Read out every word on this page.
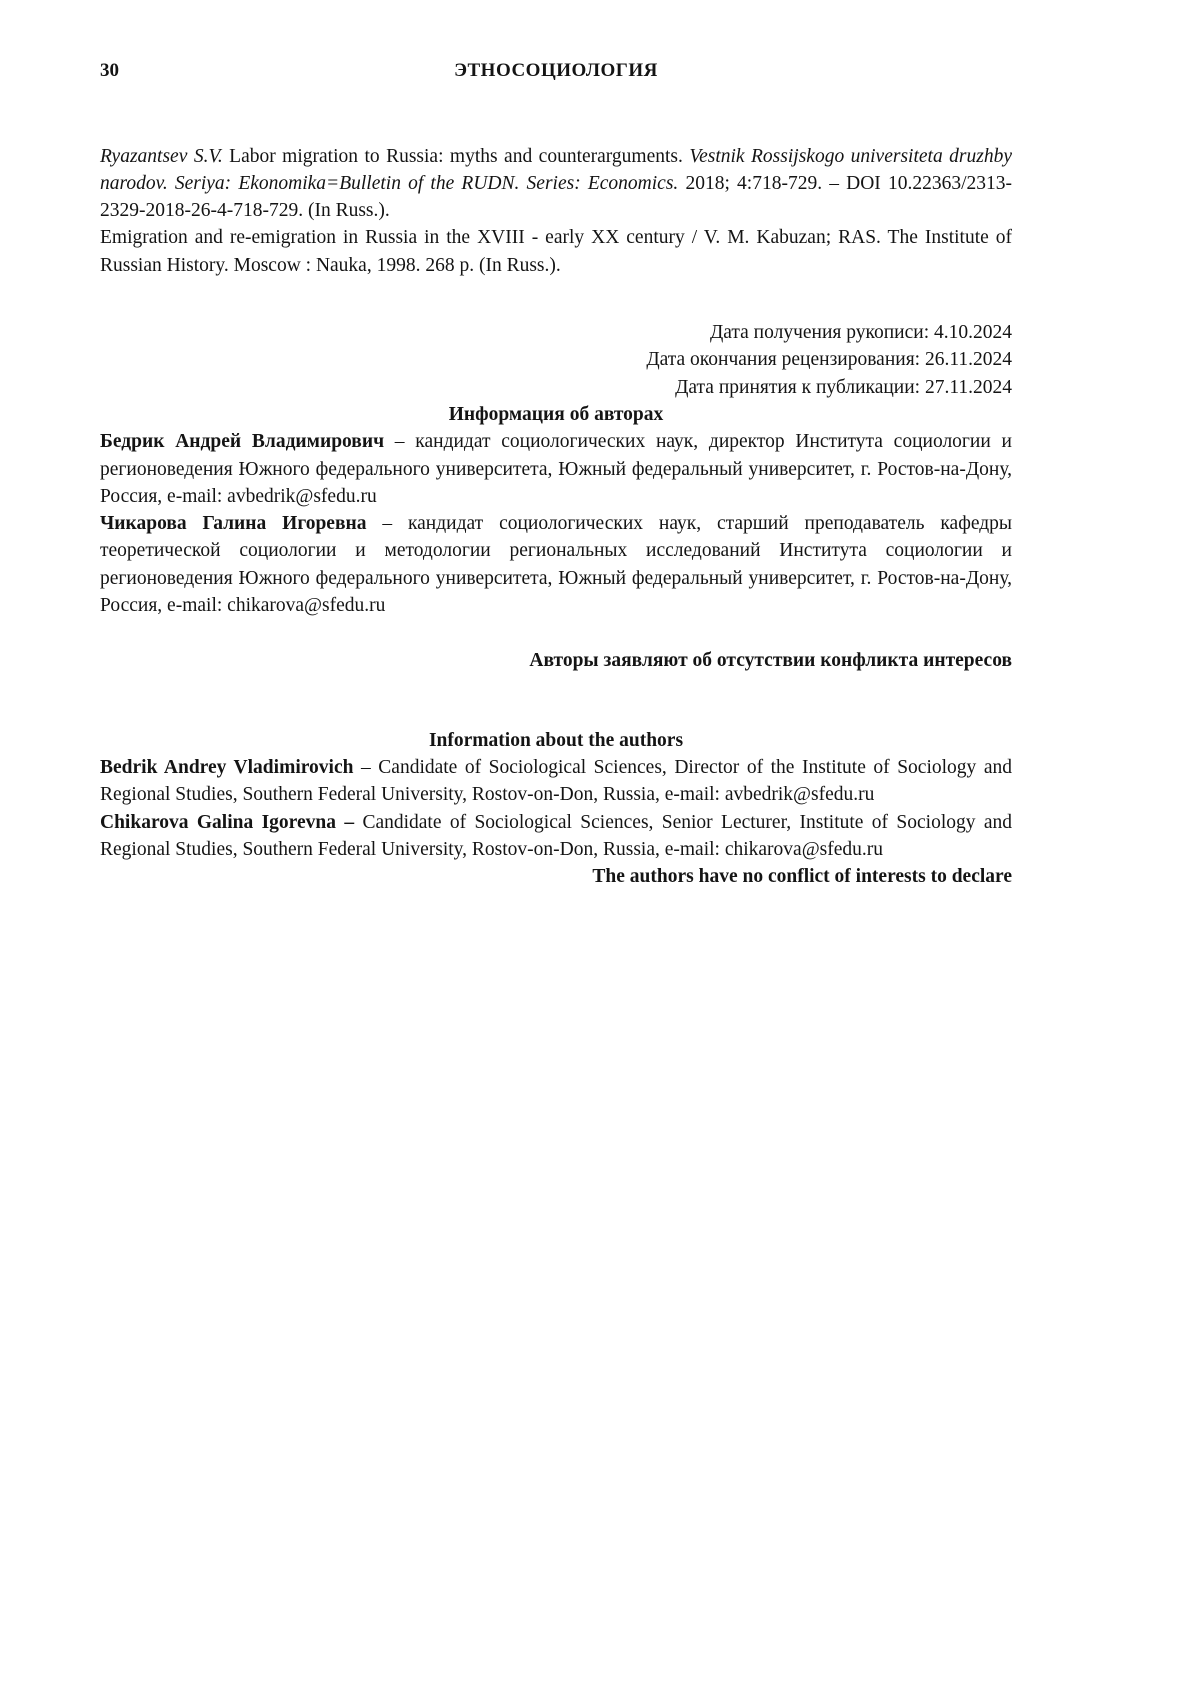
30	ЭТНОСОЦИОЛОГИЯ

Ryazantsev S.V. Labor migration to Russia: myths and counterarguments. Vestnik Rossijskogo universiteta druzhby narodov. Seriya: Ekonomika=Bulletin of the RUDN. Series: Economics. 2018; 4:718-729. – DOI 10.22363/2313-2329-2018-26-4-718-729. (In Russ.).

Emigration and re-emigration in Russia in the XVIII - early XX century / V. M. Kabuzan; RAS. The Institute of Russian History. Moscow : Nauka, 1998. 268 p. (In Russ.).

Дата получения рукописи: 4.10.2024

Дата окончания рецензирования: 26.11.2024

Дата принятия к публикации: 27.11.2024

Информация об авторах

Бедрик Андрей Владимирович – кандидат социологических наук, директор Института социологии и регионоведения Южного федерального университета, Южный федеральный университет, г. Ростов-на-Дону, Россия, e-mail: avbedrik@sfedu.ru

Чикарова Галина Игоревна – кандидат социологических наук, старший преподаватель кафедры теоретической социологии и методологии региональных исследований Института социологии и регионоведения Южного федерального университета, Южный федеральный университет, г. Ростов-на-Дону, Россия, e-mail: chikarova@sfedu.ru

Авторы заявляют об отсутствии конфликта интересов

Information about the authors

Bedrik Andrey Vladimirovich – Candidate of Sociological Sciences, Director of the Institute of Sociology and Regional Studies, Southern Federal University, Rostov-on-Don, Russia, e-mail: avbedrik@sfedu.ru

Chikarova Galina Igorevna – Candidate of Sociological Sciences, Senior Lecturer, Institute of Sociology and Regional Studies, Southern Federal University, Rostov-on-Don, Russia, e-mail: chikarova@sfedu.ru

The authors have no conflict of interests to declare
